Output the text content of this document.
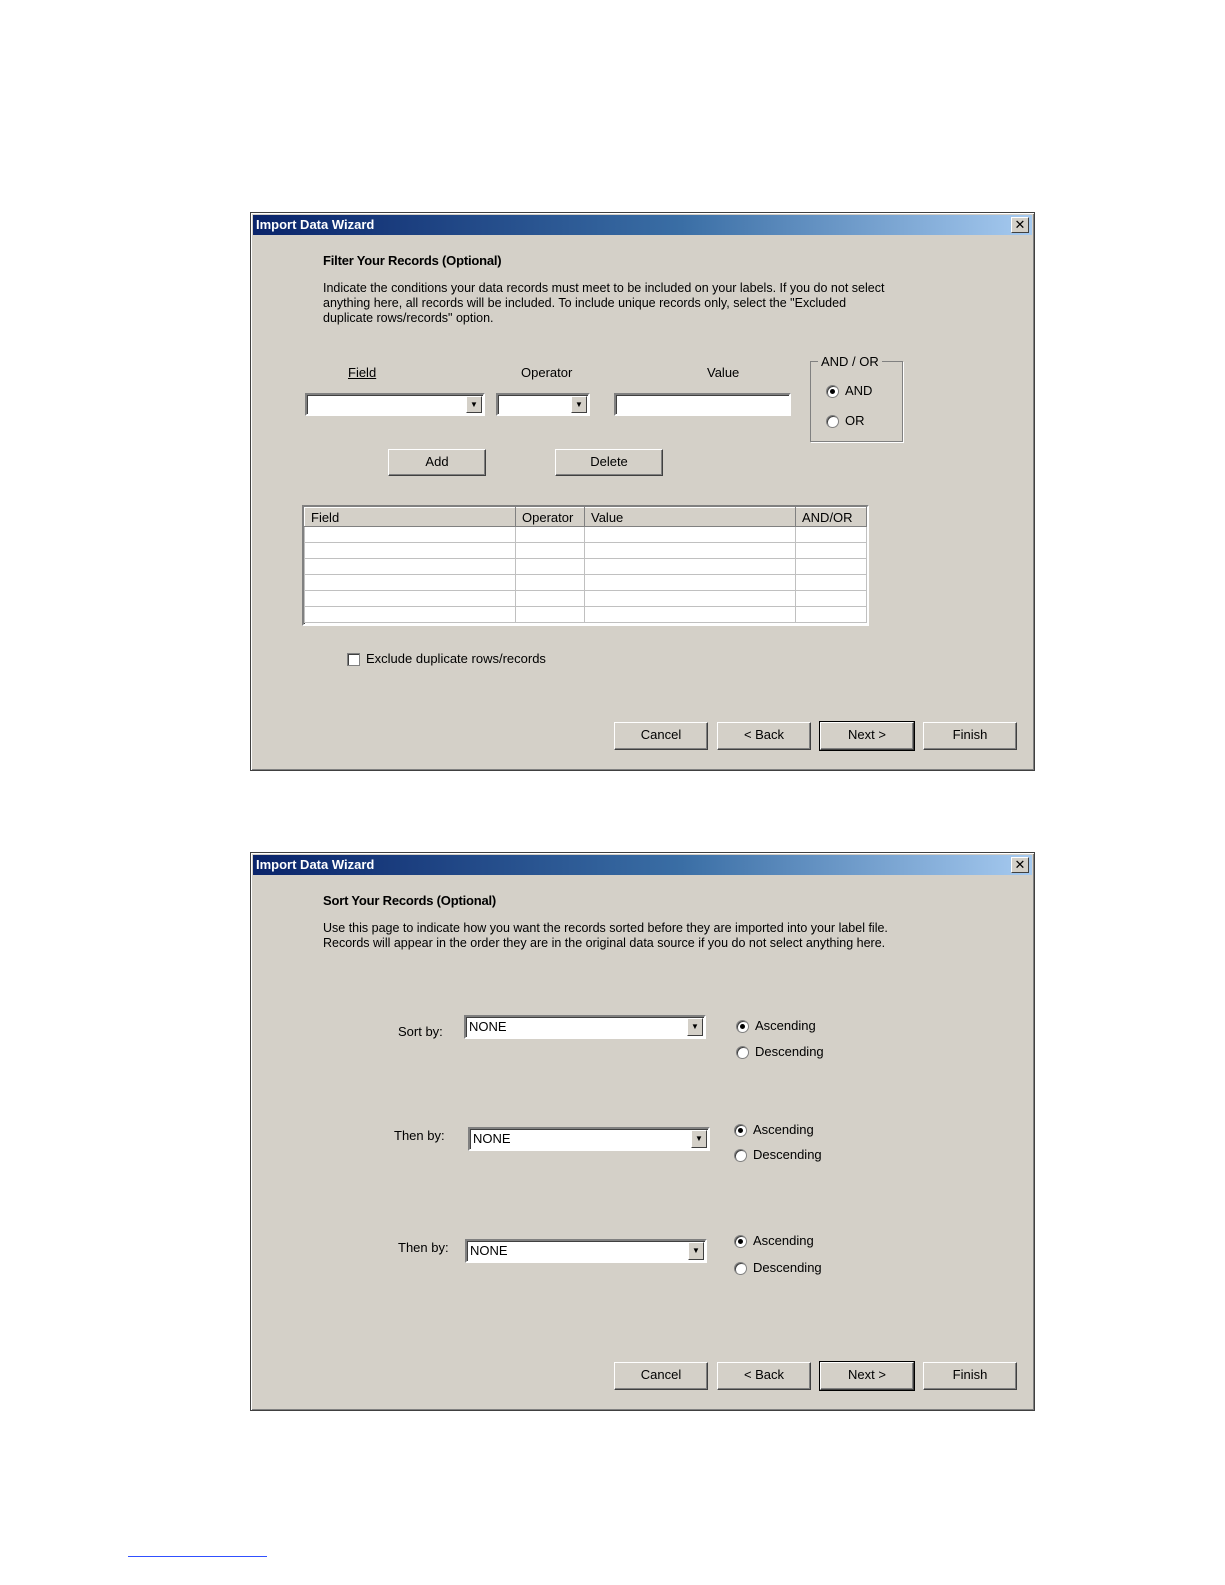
Import Data Wizard	✕
Filter Your Records (Optional)
Indicate the conditions your data records must meet to be included on your labels. If you do not select anything here, all records will be included. To include unique records only, select the "Excluded duplicate rows/records" option.
Field	Operator	Value
▼	▼
AND / OR
AND
OR
Add	Delete
Field	Operator	Value	AND/OR

Exclude duplicate rows/records
Cancel	< Back	Next >	Finish
Import Data Wizard	✕
Sort Your Records (Optional)
Use this page to indicate how you want the records sorted before they are imported into your label file. Records will appear in the order they are in the original data source if you do not select anything here.
Sort by: NONE	▼	Ascending
Descending
Then by: NONE	▼
Ascending
Descending
Then by: NONE	▼
Ascending
Descending
Cancel	< Back	Next >	Finish
